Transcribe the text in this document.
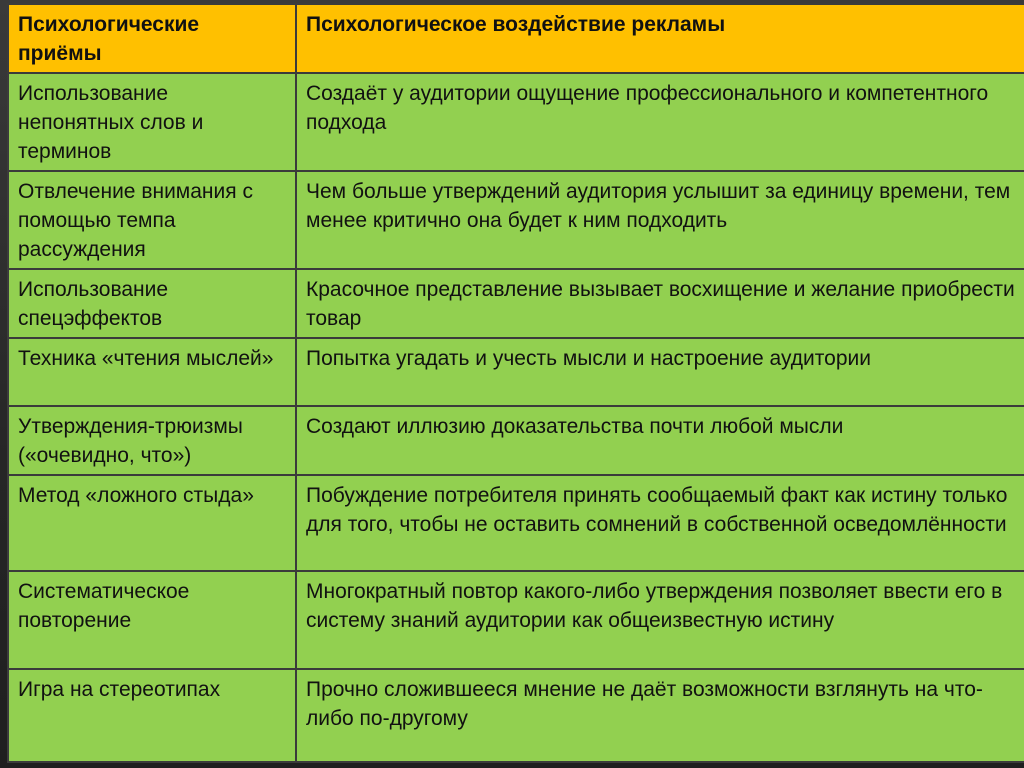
Психологические приёмы	Психологическое воздействие рекламы
Использование непонятных слов и терминов	Создаёт у аудитории ощущение профессионального и компетентного подхода
Отвлечение внимания с помощью темпа рассуждения	Чем больше утверждений аудитория услышит за единицу времени, тем менее критично она будет к ним подходить
Использование спецэффектов	Красочное представление вызывает восхищение и желание приобрести товар
Техника «чтения мыслей»	Попытка угадать и учесть мысли и настроение аудитории
Утверждения-трюизмы («очевидно, что»)	Создают иллюзию доказательства почти любой мысли
Метод «ложного стыда»	Побуждение потребителя принять сообщаемый факт как истину только для того, чтобы не оставить сомнений в собственной осведомлённости
Систематическое повторение	Многократный повтор какого-либо утверждения позволяет ввести его в систему знаний аудитории как общеизвестную истину
Игра на стереотипах	Прочно сложившееся мнение не даёт возможности взглянуть на что-либо по-другому
